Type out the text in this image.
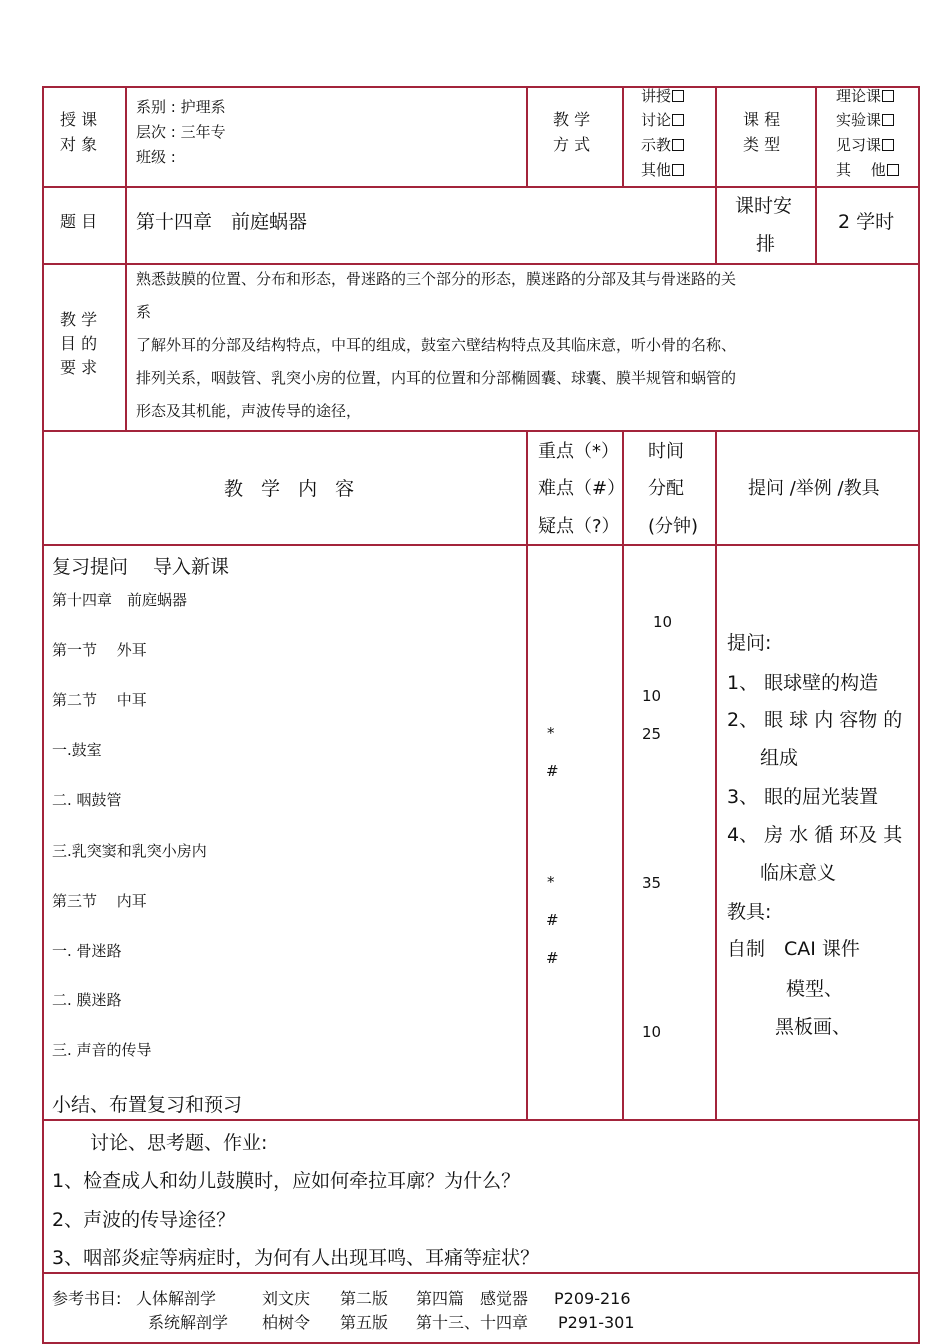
授 课
对 象
系别 : 护理系
层次 : 三年专
班级 :
教 学
方 式
讲授
讨论
示教
其他
课 程
类 型
理论课
实验课
见习课
其　 他
题 目 第十四章　前庭蜗器
课时安
排
2 学时
教 学
目 的
要 求
熟悉鼓膜的位置、分布和形态，骨迷路的三个部分的形态，膜迷路的分部及其与骨迷路的关
系
了解外耳的分部及结构特点，中耳的组成，鼓室六壁结构特点及其临床意，听小骨的名称、
排列关系，咽鼓管、乳突小房的位置，内耳的位置和分部椭圆囊、球囊、膜半规管和蜗管的
形态及其机能，声波传导的途径，
教 学 内 容
重点（*）
难点（#）
疑点（?）
时间
分配
(分钟)
提问 /举例 /教具
复习提问　 导入新课
第十四章　前庭蜗器
第一节　 外耳
第二节　 中耳
一.鼓室
二. 咽鼓管
三.乳突窦和乳突小房内
第三节　 内耳
一. 骨迷路
二. 膜迷路
三. 声音的传导
小结、布置复习和预习
*
#
*
#
#
10
10
25
35
10
提问:
1、 眼球壁的构造
2、 眼 球 内 容物 的
组成
3、 眼的屈光装置
4、 房 水 循 环及 其
临床意义
教具:
自制　CAI 课件
模型、
黑板画、
讨论、思考题、作业:
1、检查成人和幼儿鼓膜时，应如何牵拉耳廓？为什么？
2、声波的传导途径？
3、咽部炎症等病症时，为何有人出现耳鸣、耳痛等症状？
参考书目: 人体解剖学	刘文庆 第二版 第四篇　感觉器 P209-216
系统解剖学 柏树令 第五版 第十三、十四章 P291-301
